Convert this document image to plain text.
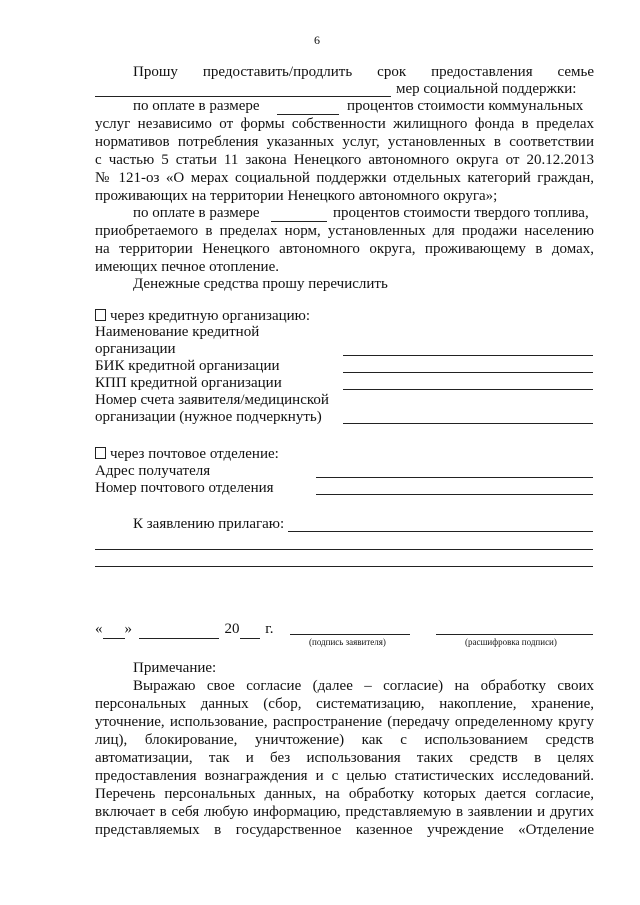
6
Прошу предоставить/продлить срок предоставления семье
мер социальной поддержки:
по оплате в размере	процентов стоимости коммунальных
услуг независимо от формы собственности жилищного фонда в пределах
нормативов потребления указанных услуг, установленных в соответствии
с частью 5 статьи 11 закона Ненецкого автономного округа от 20.12.2013
№ 121-оз «О мерах социальной поддержки отдельных категорий граждан,
проживающих на территории Ненецкого автономного округа»;
по оплате в размере	процентов стоимости твердого топлива,
приобретаемого в пределах норм, установленных для продажи населению
на территории Ненецкого автономного округа, проживающему в домах,
имеющих печное отопление.
Денежные средства прошу перечислить
через кредитную организацию:
Наименование кредитной
организации
БИК кредитной организации
КПП кредитной организации
Номер счета заявителя/медицинской
организации (нужное подчеркнуть)
через почтовое отделение:
Адрес получателя
Номер почтового отделения
К заявлению прилагаю:
« »	20 г.
(подпись заявителя)	(расшифровка подписи)
Примечание:
Выражаю свое согласие (далее – согласие) на обработку своих
персональных данных (сбор, систематизацию, накопление, хранение,
уточнение, использование, распространение (передачу определенному кругу
лиц), блокирование, уничтожение) как с использованием средств
автоматизации, так и без использования таких средств в целях
предоставления вознаграждения и с целью статистических исследований.
Перечень персональных данных, на обработку которых дается согласие,
включает в себя любую информацию, представляемую в заявлении и других
представляемых в государственное казенное учреждение «Отделение
